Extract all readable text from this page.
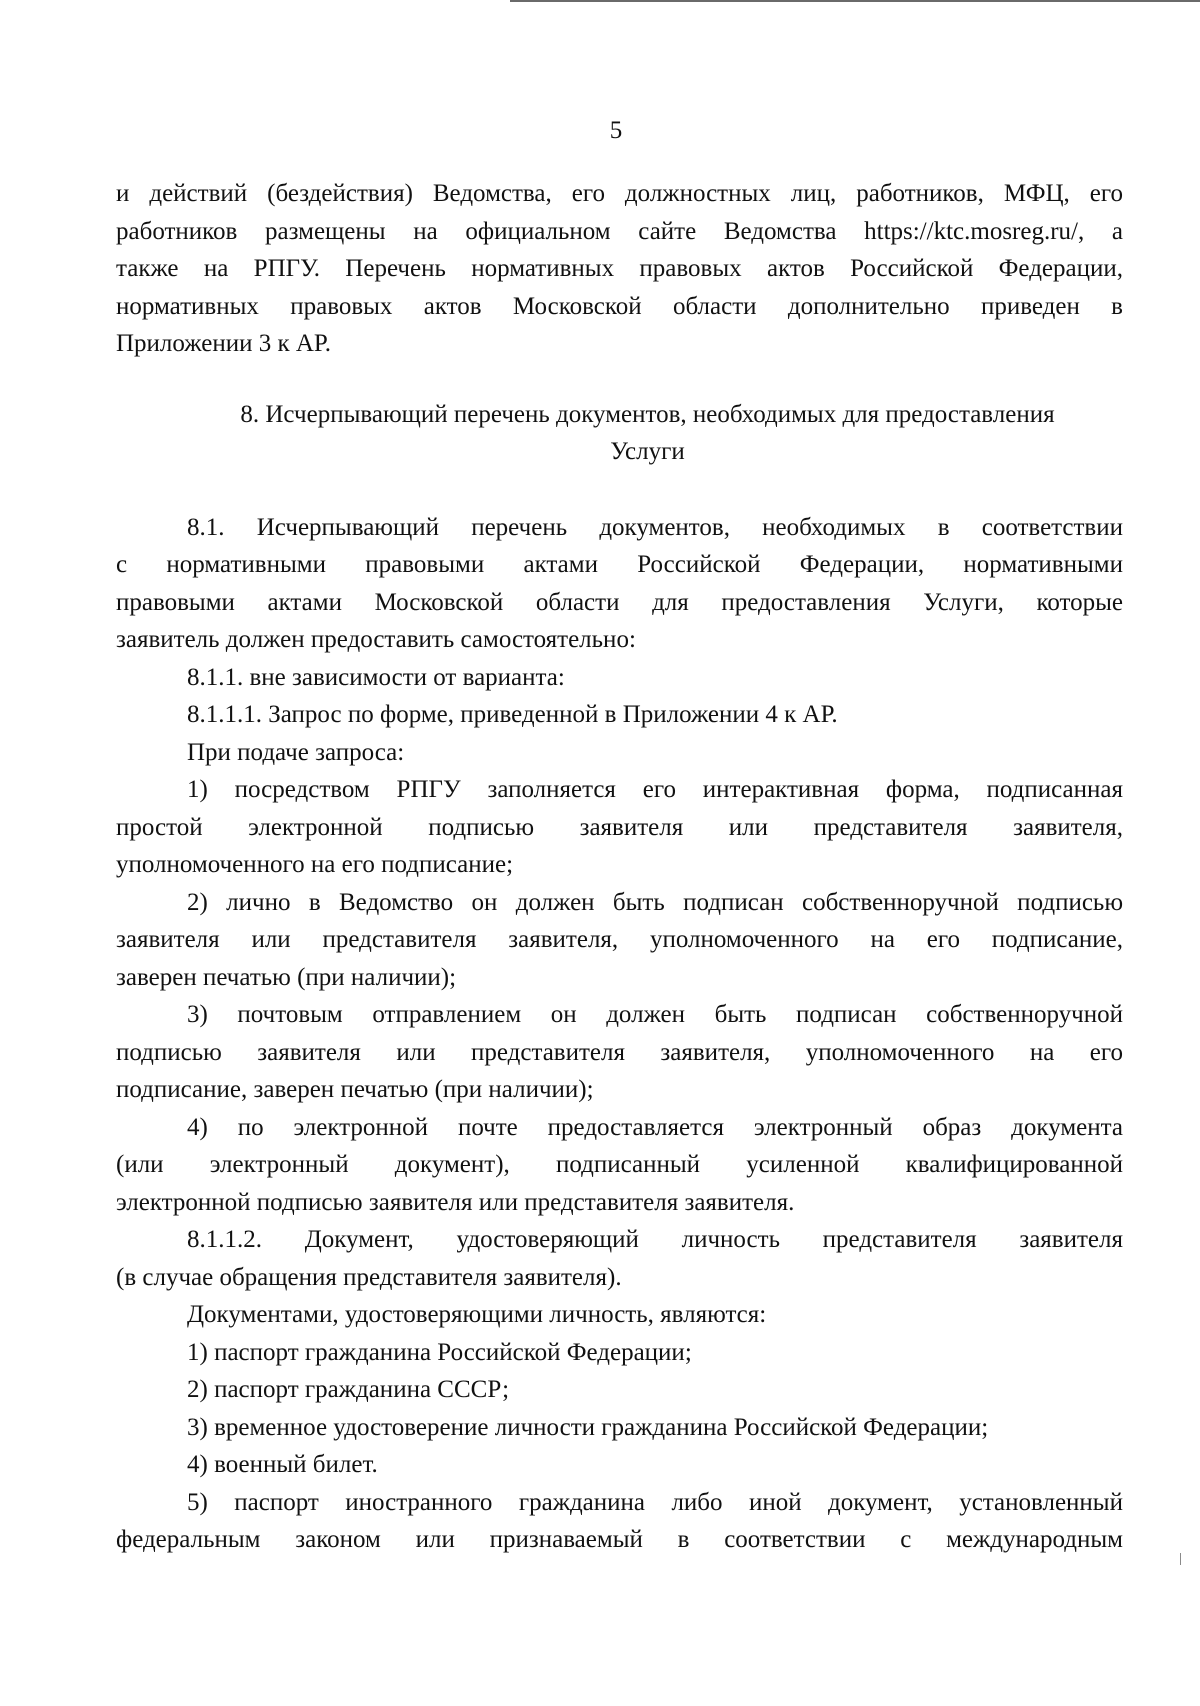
5
и действий (бездействия) Ведомства, его должностных лиц, работников, МФЦ, его
работников размещены на официальном сайте Ведомства https://ktc.mosreg.ru/, а
также на РПГУ. Перечень нормативных правовых актов Российской Федерации,
нормативных правовых актов Московской области дополнительно приведен в
Приложении 3 к АР.
8. Исчерпывающий перечень документов, необходимых для предоставления
Услуги
8.1. Исчерпывающий перечень документов, необходимых в соответствии
с нормативными правовыми актами Российской Федерации, нормативными
правовыми актами Московской области для предоставления Услуги, которые
заявитель должен предоставить самостоятельно:
8.1.1. вне зависимости от варианта:
8.1.1.1. Запрос по форме, приведенной в Приложении 4 к АР.
При подаче запроса:
1) посредством РПГУ заполняется его интерактивная форма, подписанная
простой электронной подписью заявителя или представителя заявителя,
уполномоченного на его подписание;
2) лично в Ведомство он должен быть подписан собственноручной подписью
заявителя или представителя заявителя, уполномоченного на его подписание,
заверен печатью (при наличии);
3) почтовым отправлением он должен быть подписан собственноручной
подписью заявителя или представителя заявителя, уполномоченного на его
подписание, заверен печатью (при наличии);
4) по электронной почте предоставляется электронный образ документа
(или электронный документ), подписанный усиленной квалифицированной
электронной подписью заявителя или представителя заявителя.
8.1.1.2. Документ, удостоверяющий личность представителя заявителя
(в случае обращения представителя заявителя).
Документами, удостоверяющими личность, являются:
1) паспорт гражданина Российской Федерации;
2) паспорт гражданина СССР;
3) временное удостоверение личности гражданина Российской Федерации;
4) военный билет.
5) паспорт иностранного гражданина либо иной документ, установленный
федеральным законом или признаваемый в соответствии с международным
